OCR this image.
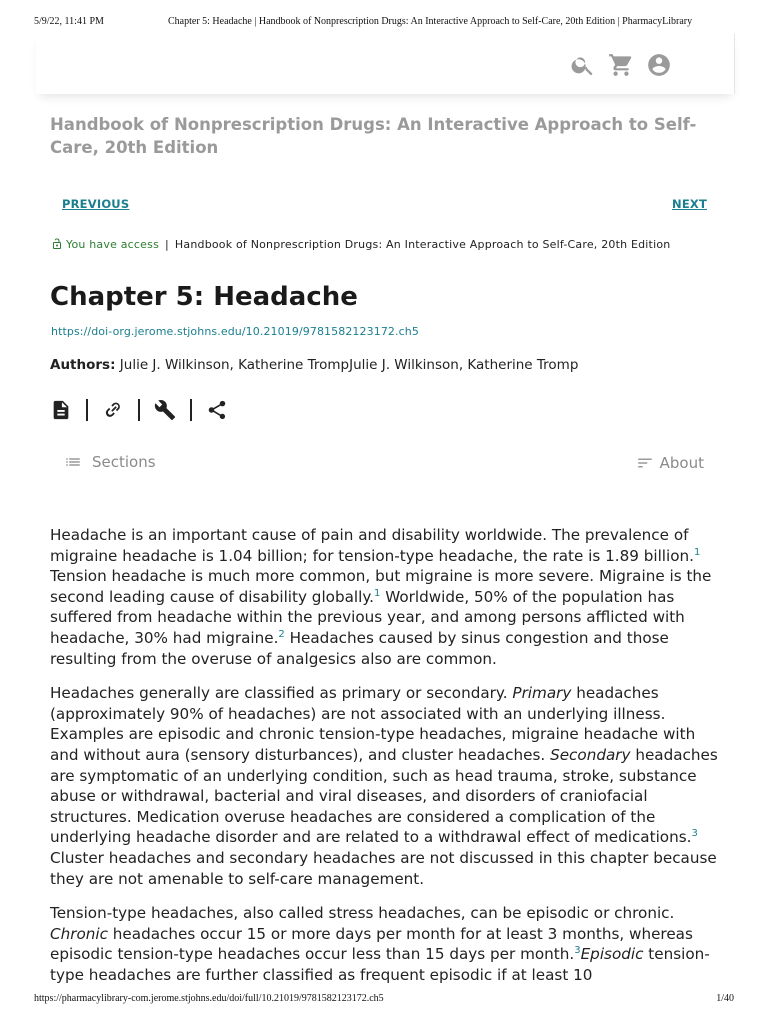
5/9/22, 11:41 PM	Chapter 5: Headache | Handbook of Nonprescription Drugs: An Interactive Approach to Self-Care, 20th Edition | PharmacyLibrary
Handbook of Nonprescription Drugs: An Interactive Approach to Self-Care, 20th Edition
PREVIOUS	NEXT
You have access | Handbook of Nonprescription Drugs: An Interactive Approach to Self-Care, 20th Edition
Chapter 5: Headache
https://doi-org.jerome.stjohns.edu/10.21019/9781582123172.ch5
Authors: Julie J. Wilkinson, Katherine TrompJulie J. Wilkinson, Katherine Tromp
Sections	About

Headache is an important cause of pain and disability worldwide. The prevalence of migraine headache is 1.04 billion; for tension-type headache, the rate is 1.89 billion.$^1$ Tension headache is much more common, but migraine is more severe. Migraine is the second leading cause of disability globally.$^1$ Worldwide, 50% of the population has suffered from headache within the previous year, and among persons afflicted with headache, 30% had migraine.$^2$ Headaches caused by sinus congestion and those resulting from the overuse of analgesics also are common.

Headaches generally are classified as primary or secondary. Primary headaches (approximately 90% of headaches) are not associated with an underlying illness. Examples are episodic and chronic tension-type headaches, migraine headache with and without aura (sensory disturbances), and cluster headaches. Secondary headaches are symptomatic of an underlying condition, such as head trauma, stroke, substance abuse or withdrawal, bacterial and viral diseases, and disorders of craniofacial structures. Medication overuse headaches are considered a complication of the underlying headache disorder and are related to a withdrawal effect of medications.$^3$ Cluster headaches and secondary headaches are not discussed in this chapter because they are not amenable to self-care management.

Tension-type headaches, also called stress headaches, can be episodic or chronic. Chronic headaches occur 15 or more days per month for at least 3 months, whereas episodic tension-type headaches occur less than 15 days per month.$^3$Episodic tension-type headaches are further classified as frequent episodic if at least 10

https://pharmacylibrary-com.jerome.stjohns.edu/doi/full/10.21019/9781582123172.ch5	1/40
